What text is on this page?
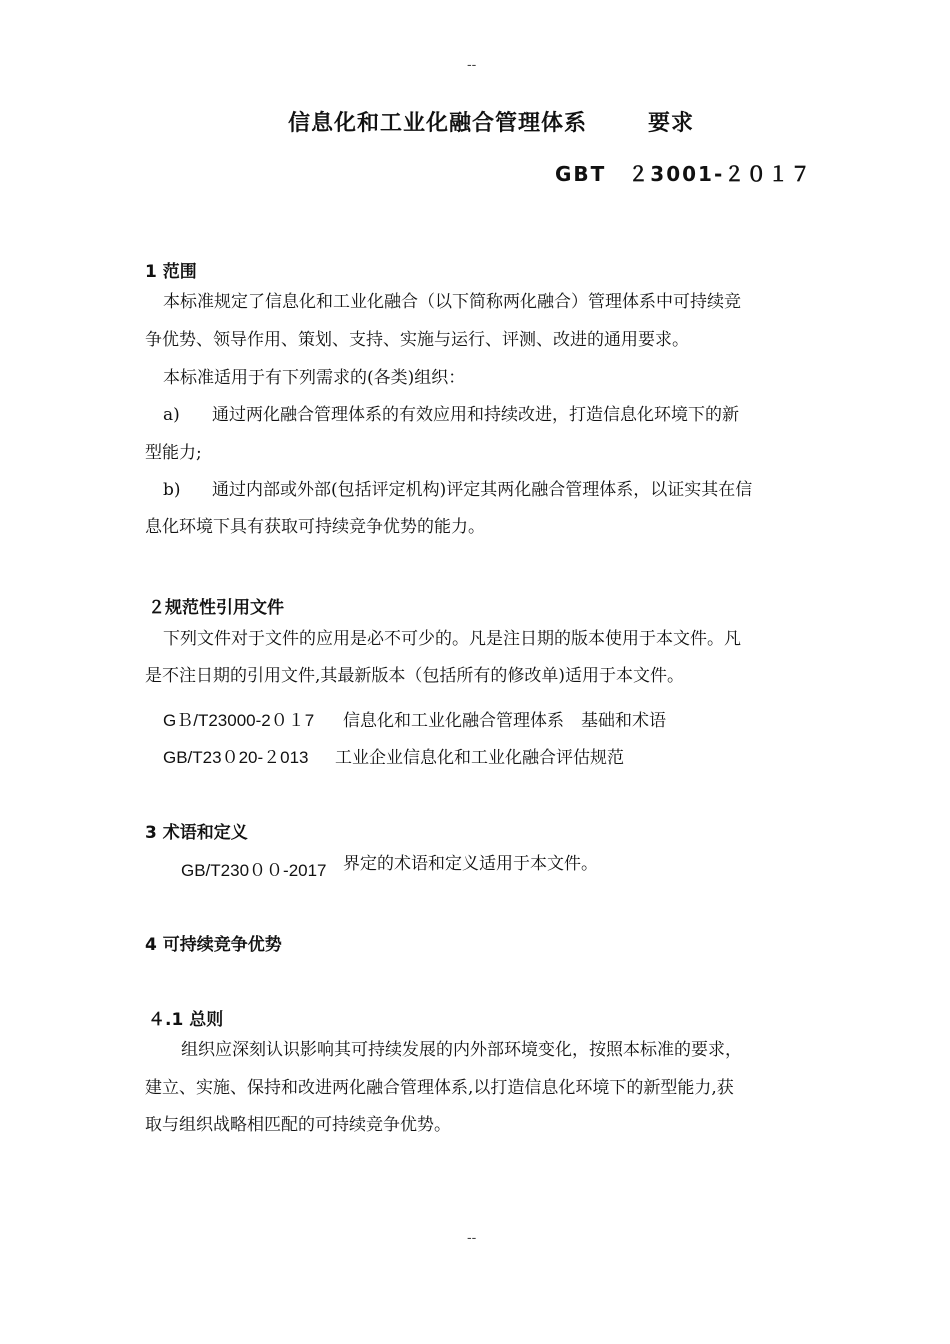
--
信息化和工业化融合管理体系	要求
GBT　２3001-２０１７
1 范围
本标准规定了信息化和工业化融合（以下简称两化融合）管理体系中可持续竞
争优势、领导作用、策划、支持、实施与运行、评测、改进的通用要求。
本标准适用于有下列需求的(各类)组织：
a) 通过两化融合管理体系的有效应用和持续改进，打造信息化环境下的新
型能力;
b) 通过内部或外部(包括评定机构)评定其两化融合管理体系，以证实其在信
息化环境下具有获取可持续竞争优势的能力。
２规范性引用文件
下列文件对于文件的应用是必不可少的。凡是注日期的版本使用于本文件。凡
是不注日期的引用文件,其最新版本（包括所有的修改单)适用于本文件。
GＢ/T23000-2０１7 信息化和工业化融合管理体系　基础和术语
GB/T23０20-２013 工业企业信息化和工业化融合评估规范
3 术语和定义
GB/T230００-2017 界定的术语和定义适用于本文件。
4 可持续竞争优势
４.1 总则
组织应深刻认识影响其可持续发展的内外部环境变化，按照本标准的要求，
建立、实施、保持和改进两化融合管理体系,以打造信息化环境下的新型能力,获
取与组织战略相匹配的可持续竞争优势。
--
